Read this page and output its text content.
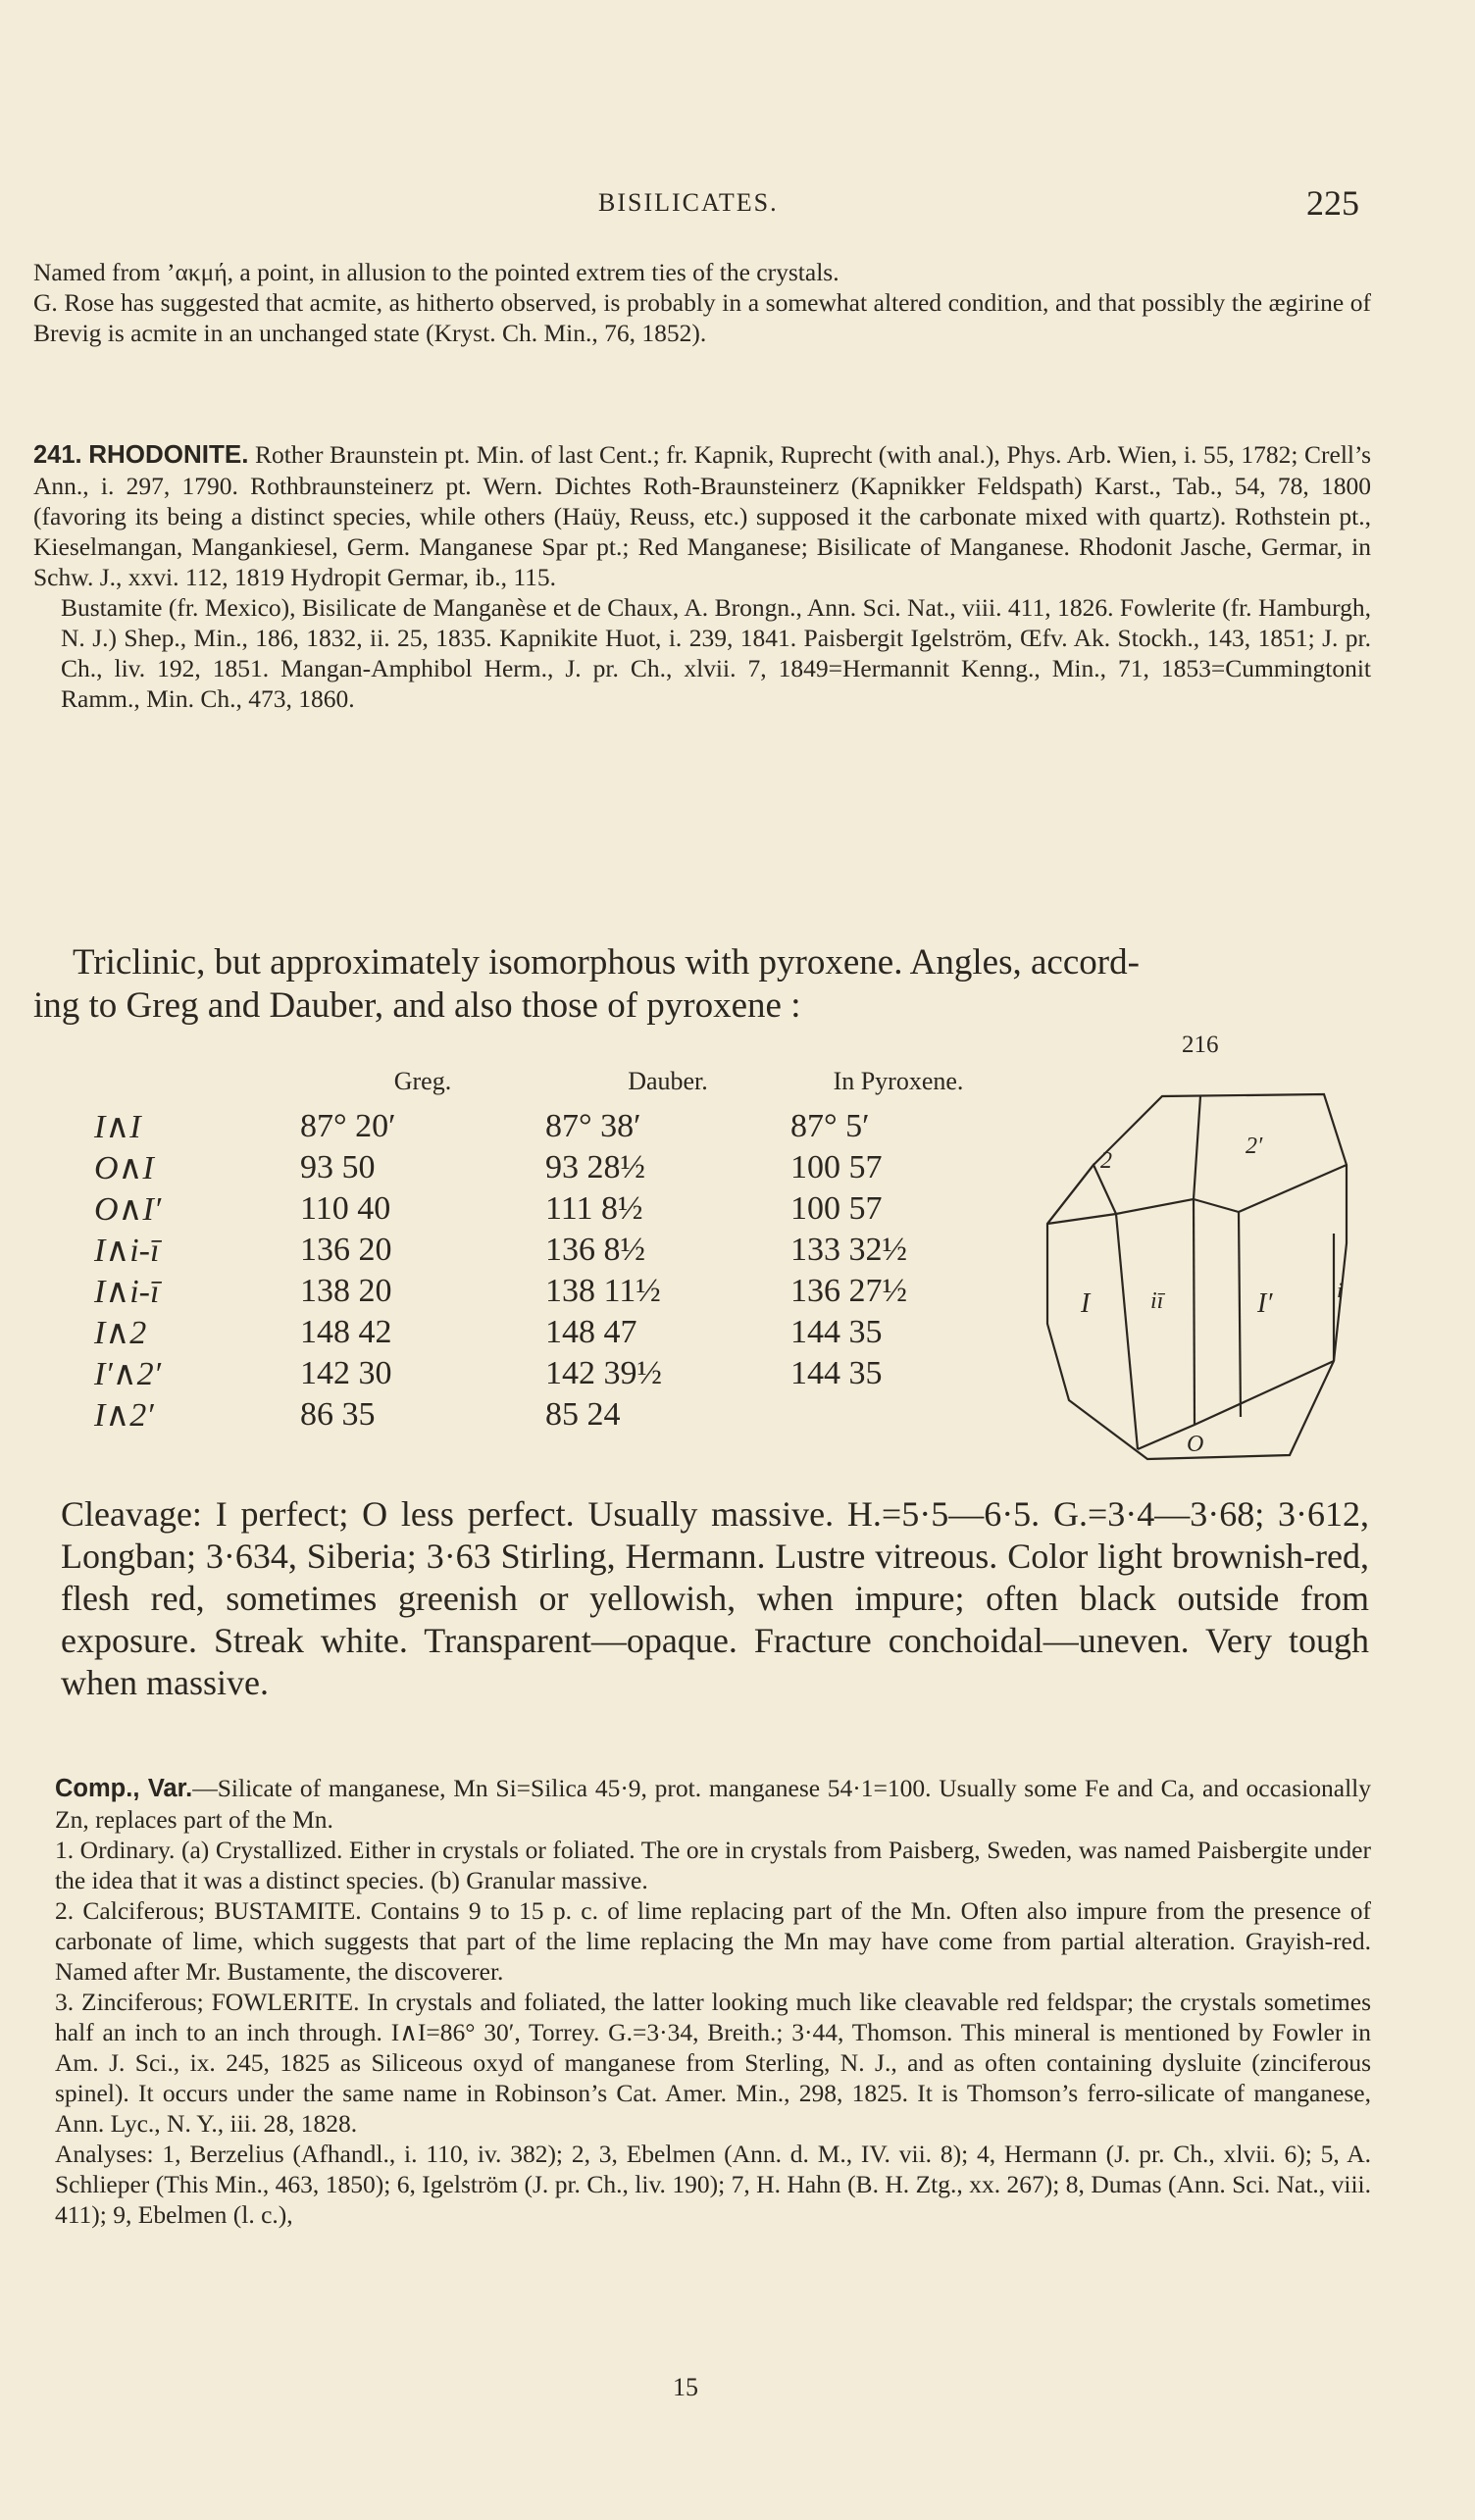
BISILICATES.	225

Named from ’ακμή, a point, in allusion to the pointed extrem ties of the crystals.

G. Rose has suggested that acmite, as hitherto observed, is probably in a somewhat altered condition, and that possibly the ægirine of Brevig is acmite in an unchanged state (Kryst. Ch. Min., 76, 1852).

241. RHODONITE. Rother Braunstein pt. Min. of last Cent.; fr. Kapnik, Ruprecht (with anal.), Phys. Arb. Wien, i. 55, 1782; Crell’s Ann., i. 297, 1790. Rothbraunsteinerz pt. Wern. Dichtes Roth-Braunsteinerz (Kapnikker Feldspath) Karst., Tab., 54, 78, 1800 (favoring its being a distinct species, while others (Haüy, Reuss, etc.) supposed it the carbonate mixed with quartz). Rothstein pt., Kieselmangan, Mangankiesel, Germ. Manganese Spar pt.; Red Manganese; Bisilicate of Manganese. Rhodonit Jasche, Germar, in Schw. J., xxvi. 112, 1819 Hydropit Germar, ib., 115.

Bustamite (fr. Mexico), Bisilicate de Manganèse et de Chaux, A. Brongn., Ann. Sci. Nat., viii. 411, 1826. Fowlerite (fr. Hamburgh, N. J.) Shep., Min., 186, 1832, ii. 25, 1835. Kapnikite Huot, i. 239, 1841. Paisbergit Igelström, Œfv. Ak. Stockh., 143, 1851; J. pr. Ch., liv. 192, 1851. Mangan-Amphibol Herm., J. pr. Ch., xlvii. 7, 1849=Hermannit Kenng., Min., 71, 1853=Cummingtonit Ramm., Min. Ch., 473, 1860.

Triclinic, but approximately isomorphous with pyroxene. Angles, accord-

ing to Greg and Dauber, and also those of pyroxene :

216
	Greg.	Dauber.	In Pyroxene.
I∧I	87° 20′	87° 38′	87° 5′
O∧I	93 50	93 28½	100 57
O∧I′	110 40	111 8½	100 57
I∧i-ī	136 20	136 8½	133 32½
I∧i-ī	138 20	138 11½	136 27½
I∧2	148 42	148 47	144 35
I′∧2′	142 30	142 39½	144 35
I∧2′	86 35	85 24	
2
2′
I	iī	I′	i
O

Cleavage: I perfect; O less perfect. Usually massive. H.=5·5—6·5. G.=3·4—3·68; 3·612, Longban; 3·634, Siberia; 3·63 Stirling, Hermann. Lustre vitreous. Color light brownish-red, flesh red, sometimes greenish or yellowish, when impure; often black outside from exposure. Streak white. Transparent—opaque. Fracture conchoidal—uneven. Very tough when massive.

Comp., Var.—Silicate of manganese, Mn Si=Silica 45·9, prot. manganese 54·1=100. Usually some Fe and Ca, and occasionally Zn, replaces part of the Mn.

1. Ordinary. (a) Crystallized. Either in crystals or foliated. The ore in crystals from Paisberg, Sweden, was named Paisbergite under the idea that it was a distinct species. (b) Granular massive.

2. Calciferous; BUSTAMITE. Contains 9 to 15 p. c. of lime replacing part of the Mn. Often also impure from the presence of carbonate of lime, which suggests that part of the lime replacing the Mn may have come from partial alteration. Grayish-red. Named after Mr. Bustamente, the discoverer.

3. Zinciferous; FOWLERITE. In crystals and foliated, the latter looking much like cleavable red feldspar; the crystals sometimes half an inch to an inch through. I∧I=86° 30′, Torrey. G.=3·34, Breith.; 3·44, Thomson. This mineral is mentioned by Fowler in Am. J. Sci., ix. 245, 1825 as Siliceous oxyd of manganese from Sterling, N. J., and as often containing dysluite (zinciferous spinel). It occurs under the same name in Robinson’s Cat. Amer. Min., 298, 1825. It is Thomson’s ferro-silicate of manganese, Ann. Lyc., N. Y., iii. 28, 1828.

Analyses: 1, Berzelius (Afhandl., i. 110, iv. 382); 2, 3, Ebelmen (Ann. d. M., IV. vii. 8); 4, Hermann (J. pr. Ch., xlvii. 6); 5, A. Schlieper (This Min., 463, 1850); 6, Igelström (J. pr. Ch., liv. 190); 7, H. Hahn (B. H. Ztg., xx. 267); 8, Dumas (Ann. Sci. Nat., viii. 411); 9, Ebelmen (l. c.),

15
